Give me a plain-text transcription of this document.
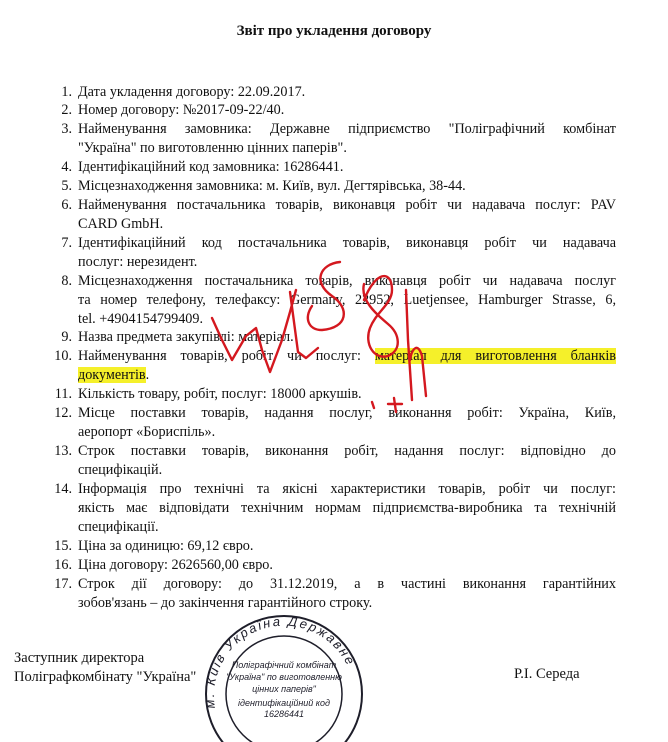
Звіт про укладення договору
1. Дата укладення договору: 22.09.2017.
2. Номер договору: №2017-09-22/40.
3. Найменування замовника: Державне підприємство "Поліграфічний комбінат
"Україна" по виготовленню цінних паперів".
4. Ідентифікаційний код замовника: 16286441.
5. Місцезнаходження замовника: м. Київ, вул. Дегтярівська, 38-44.
6. Найменування постачальника товарів, виконавця робіт чи надавача послуг: PAV
CARD GmbH.
7. Ідентифікаційний код постачальника товарів, виконавця робіт чи надавача
послуг: нерезидент.
8. Місцезнаходження постачальника товарів, виконавця робіт чи надавача послуг
та номер телефону, телефаксу: Germany, 22952, Luetjensee, Hamburger Strasse, 6,
tel. +4904154799409.
9. Назва предмета закупівлі: матеріал.
10. Найменування товарів, робіт чи послуг: матеріал для виготовлення бланків
документів.
11. Кількість товару, робіт, послуг: 18000 аркушів.
12. Місце поставки товарів, надання послуг, виконання робіт: Україна, Київ,
аеропорт «Бориспіль».
13. Строк поставки товарів, виконання робіт, надання послуг: відповідно до
специфікацій.
14. Інформація про технічні та якісні характеристики товарів, робіт чи послуг:
якість має відповідати технічним нормам підприємства-виробника та технічній
специфікації.
15. Ціна за одиницю: 69,12 євро.
16. Ціна договору: 2626560,00 євро.
17. Строк дії договору: до 31.12.2019, а в частині виконання гарантійних
зобов'язань – до закінчення гарантійного строку.
Заступник директора
Поліграфкомбінату "Україна"	Р.І. Середа
м. Київ Україна Державне
Поліграфічний комбінат
"Україна" по виготовленню
цінних паперів"
ідентифікаційний код
16286441
